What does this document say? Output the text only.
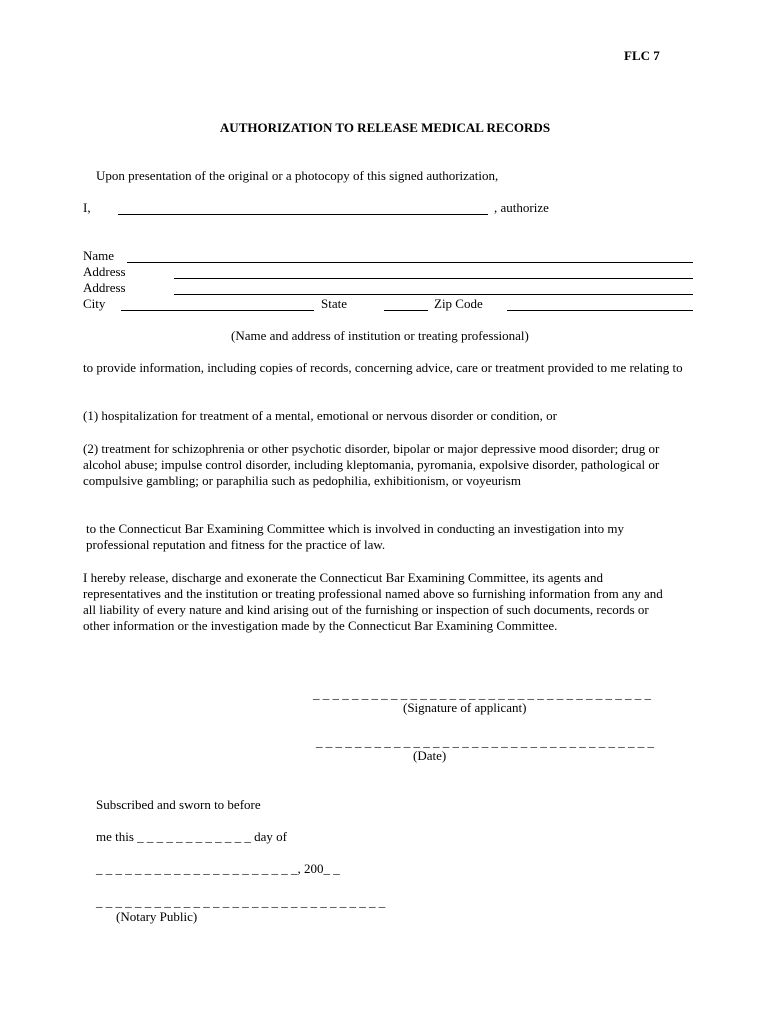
FLC 7
AUTHORIZATION TO RELEASE MEDICAL RECORDS
Upon presentation of the original or a photocopy of this signed authorization,
I,	, authorize
Name
Address
Address
City	State	Zip Code
(Name and address of institution or treating professional)
to provide information, including copies of records, concerning advice, care or treatment provided to me relating to
(1) hospitalization for treatment of a mental, emotional or nervous disorder or condition, or
(2) treatment for schizophrenia or other psychotic disorder, bipolar or major depressive mood disorder; drug or alcohol abuse; impulse control disorder, including kleptomania, pyromania, expolsive disorder, pathological or compulsive gambling; or paraphilia such as pedophilia, exhibitionism, or voyeurism
to the Connecticut Bar Examining Committee which is involved in conducting an investigation into my professional reputation and fitness for the practice of law.
I hereby release, discharge and exonerate the Connecticut Bar Examining Committee, its agents and representatives and the institution or treating professional named above so furnishing information from any and all liability of every nature and kind arising out of the furnishing or inspection of such documents, records or other information or the investigation made by the Connecticut Bar Examining Committee.
_ _ _ _ _ _ _ _ _ _ _ _ _ _ _ _ _ _ _ _ _ _ _ _ _ _ _ _ _ _ _ _ _ _ _
(Signature of applicant)
_ _ _ _ _ _ _ _ _ _ _ _ _ _ _ _ _ _ _ _ _ _ _ _ _ _ _ _ _ _ _ _ _ _ _
(Date)
Subscribed and sworn to before
me this _ _ _ _ _ _ _ _ _ _ _ _ day of
_ _ _ _ _ _ _ _ _ _ _ _ _ _ _ _ _ _ _ _ _, 200_ _
_ _ _ _ _ _ _ _ _ _ _ _ _ _ _ _ _ _ _ _ _ _ _ _ _ _ _ _ _ _
(Notary Public)
